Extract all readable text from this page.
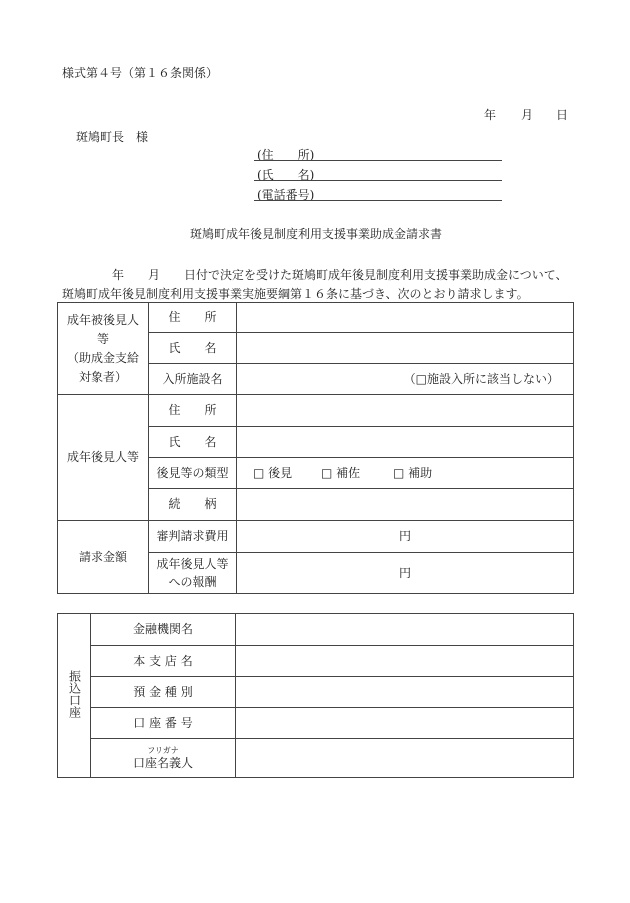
様式第４号（第１６条関係）
年 月 日
斑鳩町長　様
(住　　所)
(氏　　名)
(電話番号)
斑鳩町成年後見制度利用支援事業助成金請求書
年　　月　　日付で決定を受けた斑鳩町成年後見制度利用支援事業助成金について、
斑鳩町成年後見制度利用支援事業実施要綱第１６条に基づき、次のとおり請求します。
成年被後見人
等
（助成金支給
対象者）	住　　所	
	氏　　名	
	入所施設名	（□施設入所に該当しない）
成年後見人等	住　　所	
	氏　　名	
	後見等の類型	□ 後見 □ 補佐 □ 補助
	続　　柄	
請求金額	審判請求費用	円
	成年後見人等
への報酬	円
振込口座	金融機関名	
	本 支 店 名	
	預 金 種 別	
	口 座 番 号	

	フリガナ
口座名義人	
